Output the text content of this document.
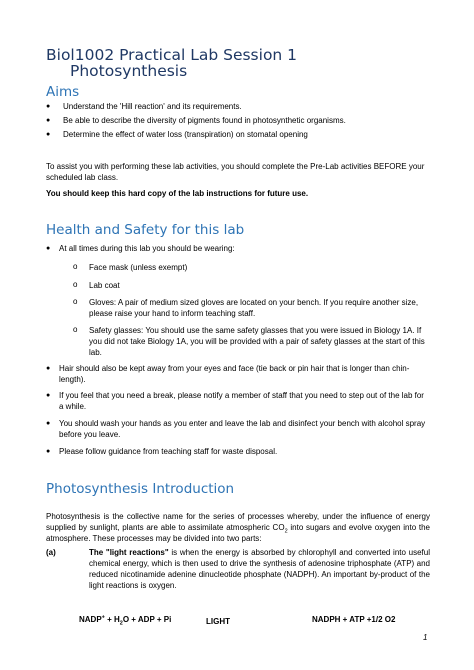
Biol1002 Practical Lab Session 1
Photosynthesis
Aims
● Understand the 'Hill reaction' and its requirements.
● Be able to describe the diversity of pigments found in photosynthetic organisms.
● Determine the effect of water loss (transpiration) on stomatal opening
To assist you with performing these lab activities, you should complete the Pre-Lab activities BEFORE your scheduled lab class.
You should keep this hard copy of the lab instructions for future use.
Health and Safety for this lab
● At all times during this lab you should be wearing:
o Face mask (unless exempt)
o Lab coat
o Gloves: A pair of medium sized gloves are located on your bench. If you require another size, please raise your hand to inform teaching staff.
o Safety glasses: You should use the same safety glasses that you were issued in Biology 1A. If you did not take Biology 1A, you will be provided with a pair of safety glasses at the start of this lab.
● Hair should also be kept away from your eyes and face (tie back or pin hair that is longer than chin-length).
● If you feel that you need a break, please notify a member of staff that you need to step out of the lab for a while.
● You should wash your hands as you enter and leave the lab and disinfect your bench with alcohol spray before you leave.
● Please follow guidance from teaching staff for waste disposal.
Photosynthesis Introduction
Photosynthesis is the collective name for the series of processes whereby, under the influence of energy supplied by sunlight, plants are able to assimilate atmospheric $CO_2$ into sugars and evolve oxygen into the atmosphere. These processes may be divided into two parts:
(a)	The "light reactions" is when the energy is absorbed by chlorophyll and converted into useful chemical energy, which is then used to drive the synthesis of adenosine triphosphate (ATP) and reduced nicotinamide adenine dinucleotide phosphate (NADPH). An important by-product of the light reactions is oxygen.
NADP+ + $H_2O$ + ADP + Pi	LIGHT	NADPH + ATP +1/2 O2
1
